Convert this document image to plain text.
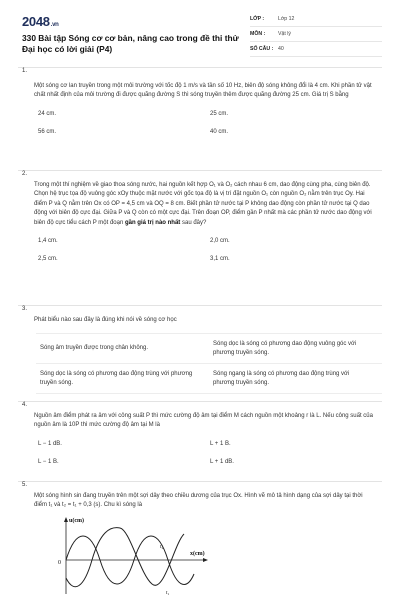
2048.vn
330 Bài tập Sóng cơ cơ bản, nâng cao trong đề thi thử Đại học có lời giải (P4)
LỚP :	Lớp 12
MÔN :	Vật lý
SỐ CÂU : 40
1.
Một sóng cơ lan truyền trong một môi trường với tốc độ 1 m/s và tần số 10 Hz, biên độ sóng không đổi là 4 cm. Khi phần tử vật chất nhất định của môi trường đi được quãng đường S thì sóng truyền thêm được quãng đường 25 cm. Giá trị S bằng
24 cm.	25 cm.
56 cm.	40 cm.
2.
Trong một thí nghiệm về giao thoa sóng nước, hai nguồn kết hợp O₁ và O₂ cách nhau 6 cm, dao động cùng pha, cùng biên độ. Chọn hệ trục tọa độ vuông góc xOy thuộc mặt nước với gốc tọa độ là vị trí đặt nguồn O₁ còn nguồn O₂ nằm trên trục Oy. Hai điểm P và Q nằm trên Ox có OP = 4,5 cm và OQ = 8 cm. Biết phần tử nước tại P không dao động còn phần tử nước tại Q dao động với biên độ cực đại. Giữa P và Q còn có một cực đại. Trên đoạn OP, điểm gần P nhất mà các phần tử nước dao động với biên độ cực tiểu cách P một đoạn gần giá trị nào nhất sau đây?
1,4 cm.	2,0 cm.
2,5 cm.	3,1 cm.
3.
Phát biểu nào sau đây là đúng khi nói về sóng cơ học
Sóng âm truyền được trong chân không.
Sóng dọc là sóng có phương dao động vuông góc với phương truyền sóng.
Sóng dọc là sóng có phương dao động trùng với phương truyền sóng.
Sóng ngang là sóng có phương dao động trùng với phương truyền sóng.
4.
Nguồn âm điểm phát ra âm với công suất P thì mức cường độ âm tại điểm M cách nguồn một khoảng r là L. Nếu công suất của nguồn âm là 10P thì mức cường độ âm tại M là
L − 1 dB.	L + 1 B.
L − 1 B.	L + 1 dB.
5.
Một sóng hình sin đang truyền trên một sợi dây theo chiều dương của trục Ox. Hình vẽ mô tả hình dạng của sợi dây tại thời điểm t₁ và t₂ = t₁ + 0,3 (s). Chu kì sóng là
u(cm)
x(cm)
0
t₂
t₁
